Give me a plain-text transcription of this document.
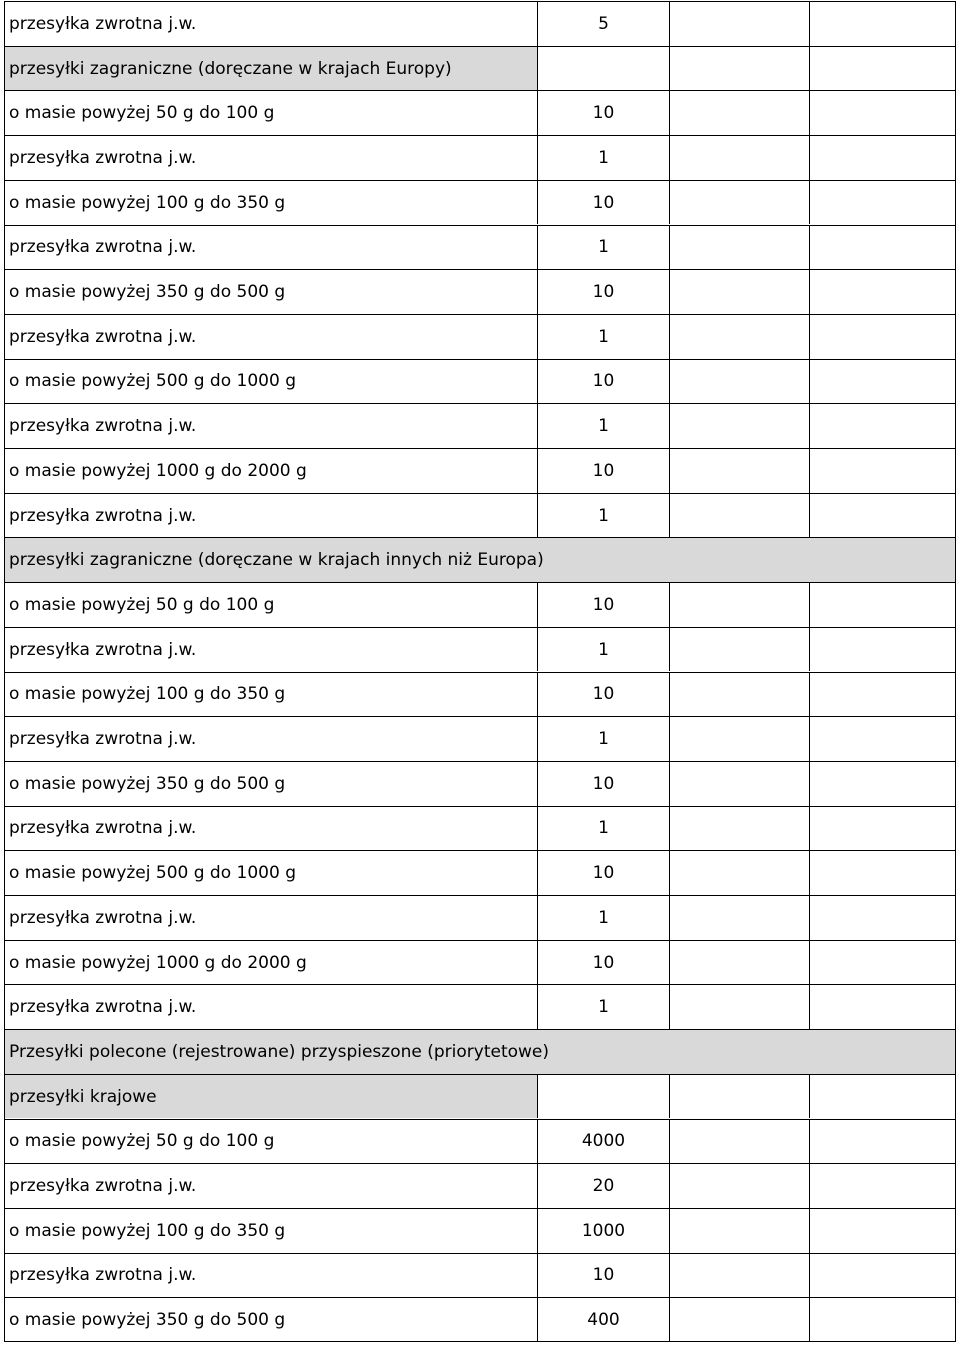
przesyłka zwrotna j.w.	5
przesyłki zagraniczne (doręczane w krajach Europy)
o masie powyżej 50 g do 100 g	10
przesyłka zwrotna j.w.	1
o masie powyżej 100 g do 350 g	10
przesyłka zwrotna j.w.	1
o masie powyżej 350 g do 500 g	10
przesyłka zwrotna j.w.	1
o masie powyżej 500 g do 1000 g	10
przesyłka zwrotna j.w.	1
o masie powyżej 1000 g do 2000 g	10
przesyłka zwrotna j.w.	1
przesyłki zagraniczne (doręczane w krajach innych niż Europa)
o masie powyżej 50 g do 100 g	10
przesyłka zwrotna j.w.	1
o masie powyżej 100 g do 350 g	10
przesyłka zwrotna j.w.	1
o masie powyżej 350 g do 500 g	10
przesyłka zwrotna j.w.	1
o masie powyżej 500 g do 1000 g	10
przesyłka zwrotna j.w.	1
o masie powyżej 1000 g do 2000 g	10
przesyłka zwrotna j.w.	1
Przesyłki polecone (rejestrowane) przyspieszone (priorytetowe)
przesyłki krajowe
o masie powyżej 50 g do 100 g	4000
przesyłka zwrotna j.w.	20
o masie powyżej 100 g do 350 g	1000
przesyłka zwrotna j.w.	10
o masie powyżej 350 g do 500 g	400
